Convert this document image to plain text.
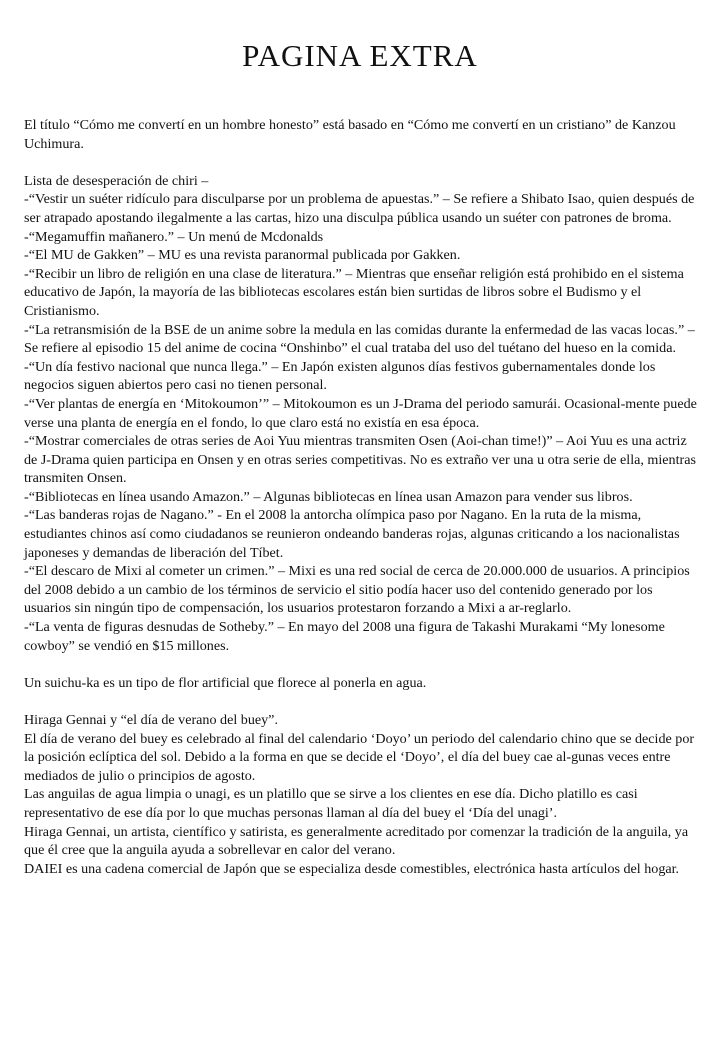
PAGINA EXTRA
El título “Cómo me convertí en un hombre honesto” está basado en “Cómo me convertí en un cristiano” de Kanzou Uchimura.
Lista de desesperación de chiri –
-“Vestir un suéter ridículo para disculparse por un problema de apuestas.” – Se refiere a Shibato Isao, quien después de ser atrapado apostando ilegalmente a las cartas, hizo una disculpa pública usando un suéter con patrones de broma.
-“Megamuffin mañanero.” – Un menú de Mcdonalds
-“El MU de Gakken” – MU es una revista paranormal publicada por Gakken.
-“Recibir un libro de religión en una clase de literatura.” – Mientras que enseñar religión está prohibido en el sistema educativo de Japón, la mayoría de las bibliotecas escolares están bien surtidas de libros sobre el Budismo y el Cristianismo.
-“La retransmisión de la BSE de un anime sobre la medula en las comidas durante la enfermedad de las vacas locas.” – Se refiere al episodio 15 del anime de cocina “Onshinbo” el cual trataba del uso del tuétano del hueso en la comida.
-“Un día festivo nacional que nunca llega.” – En Japón existen algunos días festivos gubernamentales donde los negocios siguen abiertos pero casi no tienen personal.
-“Ver plantas de energía en ‘Mitokoumon’” – Mitokoumon es un J-Drama del periodo samurái. Ocasional-mente puede verse una planta de energía en el fondo, lo que claro está no existía en esa época.
-“Mostrar comerciales de otras series de Aoi Yuu mientras transmiten Osen (Aoi-chan time!)” – Aoi Yuu es una actriz de J-Drama quien participa en Onsen y en otras series competitivas. No es extraño ver una u otra serie de ella, mientras transmiten Onsen.
-“Bibliotecas en línea usando Amazon.” – Algunas bibliotecas en línea usan Amazon para vender sus libros.
-“Las banderas rojas de Nagano.” - En el 2008 la antorcha olímpica paso por Nagano. En la ruta de la misma, estudiantes chinos así como ciudadanos se reunieron ondeando banderas rojas, algunas criticando a los nacionalistas japoneses y demandas de liberación del Tíbet.
-“El descaro de Mixi al cometer un crimen.” – Mixi es una red social de cerca de 20.000.000 de usuarios. A principios del 2008 debido a un cambio de los términos de servicio el sitio podía hacer uso del contenido generado por los usuarios sin ningún tipo de compensación, los usuarios protestaron forzando a Mixi a ar-reglarlo.
-“La venta de figuras desnudas de Sotheby.” – En mayo del 2008 una figura de Takashi Murakami “My lonesome cowboy” se vendió en $15 millones.
Un suichu-ka es un tipo de flor artificial que florece al ponerla en agua.
Hiraga Gennai y “el día de verano del buey”.
El día de verano del buey es celebrado al final del calendario ‘Doyo’ un periodo del calendario chino que se decide por la posición eclíptica del sol. Debido a la forma en que se decide el ‘Doyo’, el día del buey cae al-gunas veces entre mediados de julio o principios de agosto.
Las anguilas de agua limpia o unagi, es un platillo que se sirve a los clientes en ese día. Dicho platillo es casi representativo de ese día por lo que muchas personas llaman al día del buey el ‘Día del unagi’.
Hiraga Gennai, un artista, científico y satirista, es generalmente acreditado por comenzar la tradición de la anguila, ya que él cree que la anguila ayuda a sobrellevar en calor del verano.
DAIEI es una cadena comercial de Japón que se especializa desde comestibles, electrónica hasta artículos del hogar.
